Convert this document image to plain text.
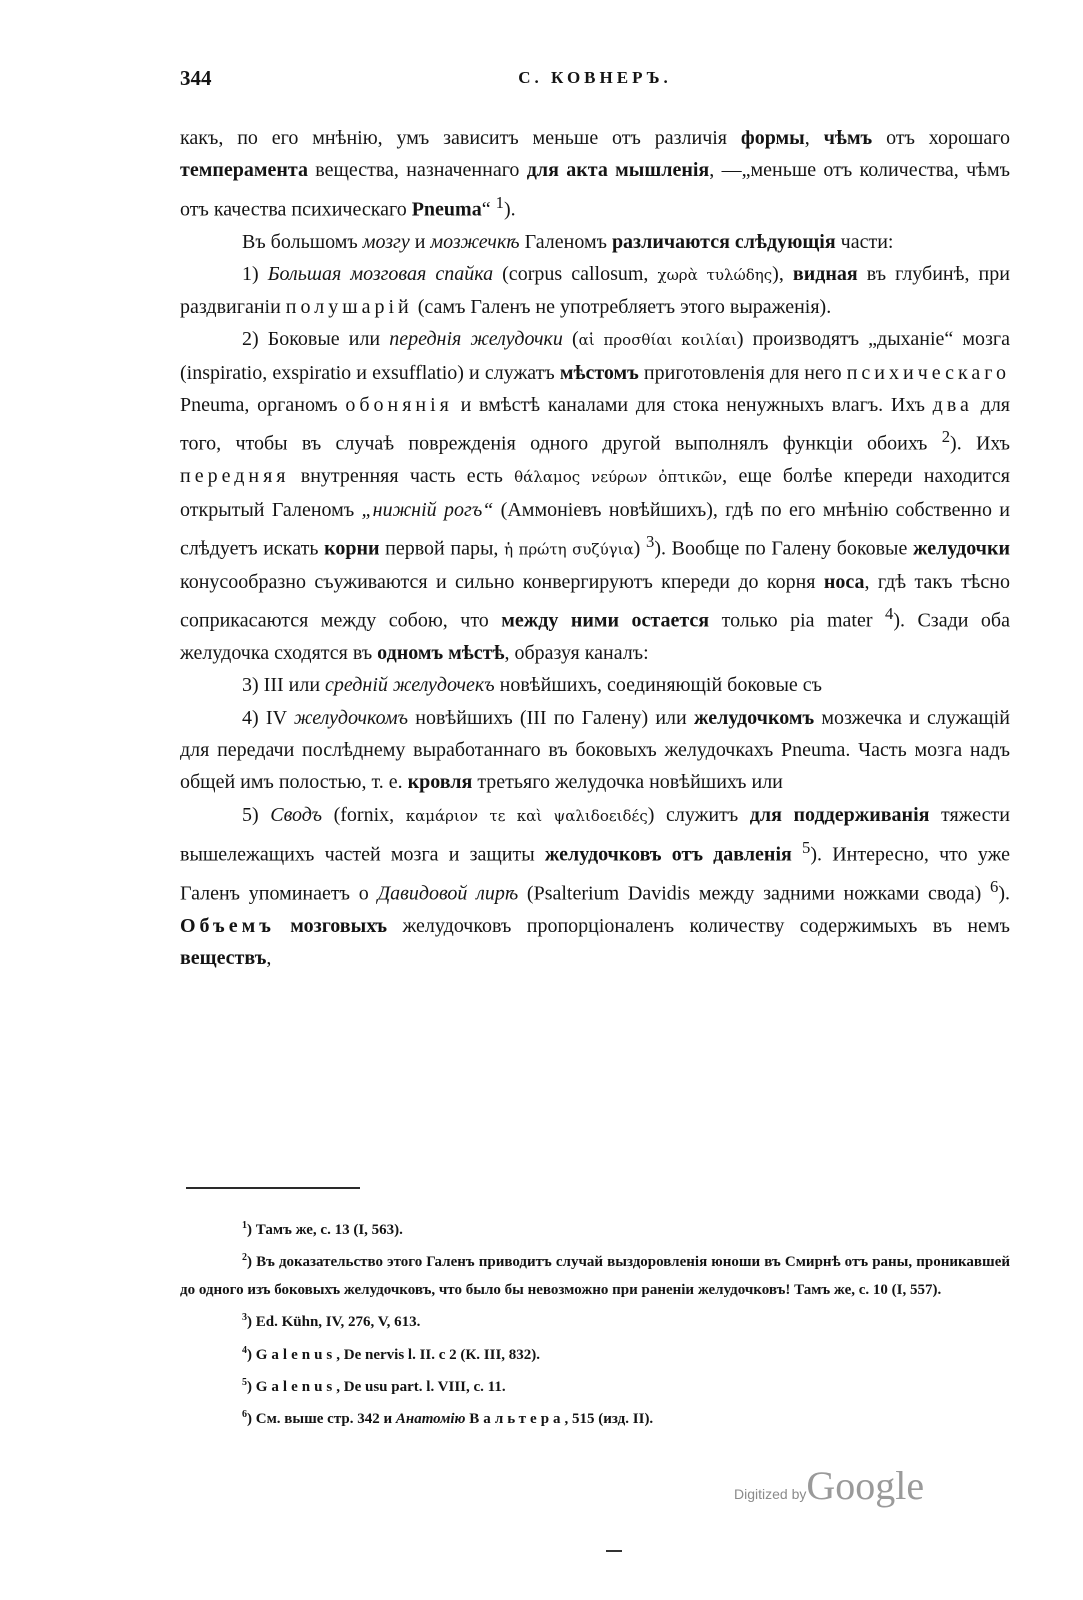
344	С. КОВНЕРЪ.

какъ, по его мнѣнію, умъ зависитъ меньше отъ различія формы, чѣмъ отъ хорошаго темперамента вещества, назначеннаго для акта мышленія, —„меньше отъ количества, чѣмъ отъ качества психическаго Pneuma“ $^1$).

Въ большомъ мозгу и мозжечкѣ Галеномъ различаются слѣдующія части:

1) Большая мозговая спайка (corpus callosum, χωρὰ τυλώδης), видная въ глубинѣ, при раздвиганіи полушарій (самъ Галенъ не употребляетъ этого выраженія).

2) Боковые или переднія желудочки (αἱ προσθίαι κοιλίαι) производятъ „дыханіе“ мозга (inspiratio, exspiratio и exsufflatio) и служатъ мѣстомъ приготовленія для него психическаго Pneuma, органомъ обонянія и вмѣстѣ каналами для стока ненужныхъ влагъ. Ихъ два для того, чтобы въ случаѣ поврежденія одного другой выполнялъ функціи обоихъ $^2$). Ихъ передняя внутренняя часть есть θάλαμος νεύρων ὀπτικῶν, еще болѣе кпереди находится открытый Галеномъ „нижній рогъ“ (Аммоніевъ новѣйшихъ), гдѣ по его мнѣнію собственно и слѣдуетъ искать корни первой пары, ἡ πρώτη συζύγια) $^3$). Вообще по Галену боковые желудочки конусообразно съуживаются и сильно конвергируютъ кпереди до корня носа, гдѣ такъ тѣсно соприкасаются между собою, что между ними остается только pia mater $^4$). Сзади оба желудочка сходятся въ одномъ мѣстѣ, образуя каналъ:

3) III или средній желудочекъ новѣйшихъ, соединяющій боковые съ

4) IV желудочкомъ новѣйшихъ (III по Галену) или желудочкомъ мозжечка и служащій для передачи послѣднему выработаннаго въ боковыхъ желудочкахъ Pneuma. Часть мозга надъ общей имъ полостью, т. е. кровля третьяго желудочка новѣйшихъ или

5) Сводъ (fornix, καμάριον τε καὶ ψαλιδοειδές) служитъ для поддерживанія тяжести вышележащихъ частей мозга и защиты желудочковъ отъ давленія $^5$). Интересно, что уже Галенъ упоминаетъ о Давидовой лирѣ (Psalterium Davidis между задними ножками свода) $^6$). Объемъ мозговыхъ желудочковъ пропорціоналенъ количеству содержимыхъ въ немъ веществъ,

$^1$) Тамъ же, с. 13 (I, 563).

$^2$) Въ доказательство этого Галенъ приводитъ случай выздоровленія юноши въ Смирнѣ отъ раны, проникавшей до одного изъ боковыхъ желудочковъ, что было бы невозможно при раненіи желудочковъ! Тамъ же, с. 10 (I, 557).

$^3$) Ed. Kühn, IV, 276, V, 613.

$^4$) Galenus, De nervis l. II. c 2 (К. III, 832).

$^5$) Galenus, De usu part. l. VIII, c. 11.

$^6$) См. выше стр. 342 и Анатомію Вальтера, 515 (изд. II).

Digitized byGoogle
